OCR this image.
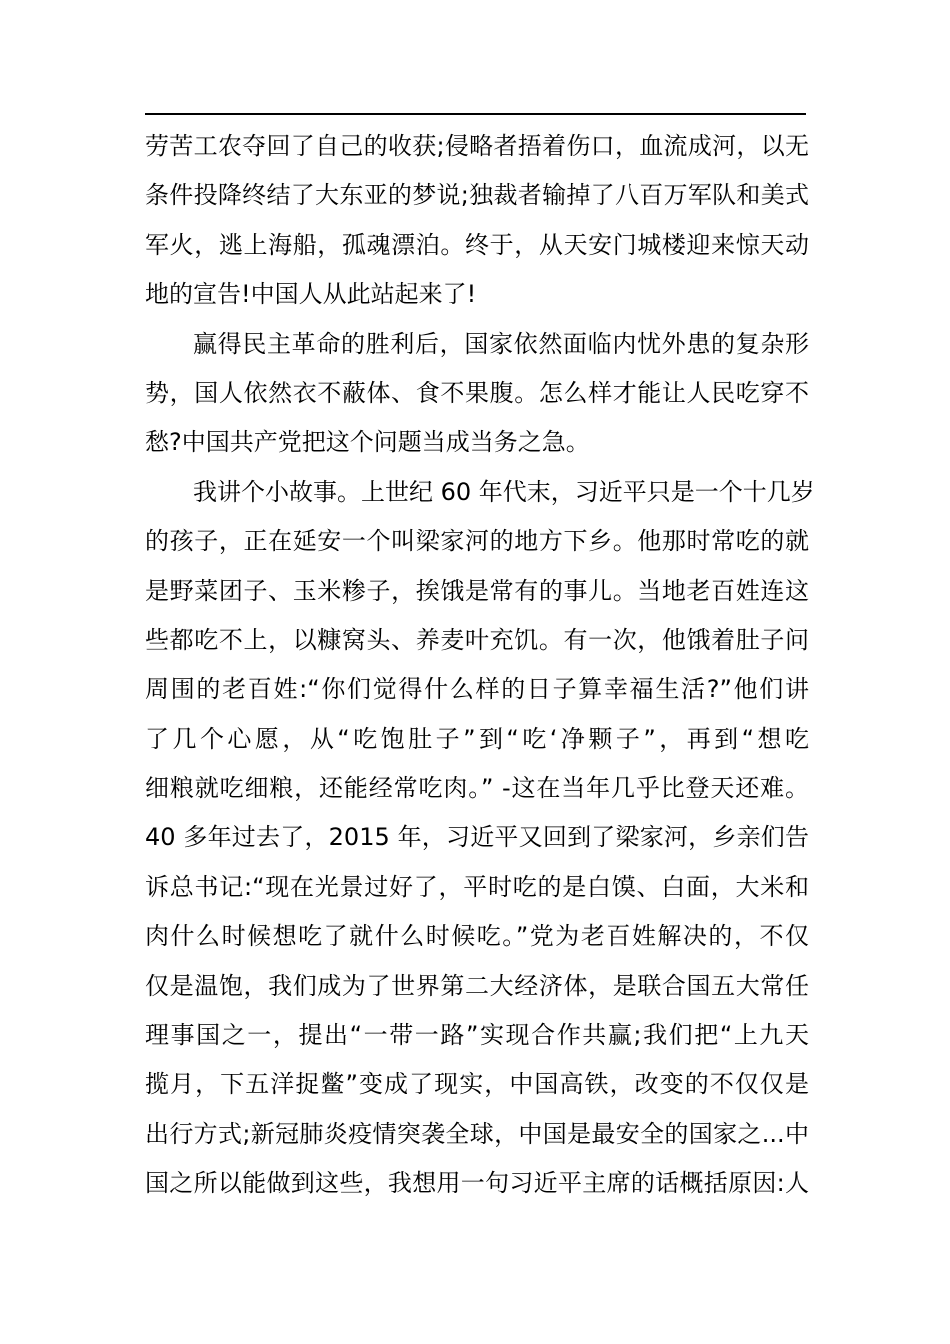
劳苦工农夺回了自己的收获;侵略者捂着伤口，血流成河，以无
条件投降终结了大东亚的梦说;独裁者输掉了八百万军队和美式
军火，逃上海船，孤魂漂泊。终于，从天安门城楼迎来惊天动
地的宣告!中国人从此站起来了!
赢得民主革命的胜利后，国家依然面临内忧外患的复杂形
势，国人依然衣不蔽体、食不果腹。怎么样才能让人民吃穿不
愁?中国共产党把这个问题当成当务之急。
我讲个小故事。上世纪 60 年代末，习近平只是一个十几岁
的孩子，正在延安一个叫梁家河的地方下乡。他那时常吃的就
是野菜团子、玉米糁子，挨饿是常有的事儿。当地老百姓连这
些都吃不上，以糠窝头、养麦叶充饥。有一次，他饿着肚子问
周围的老百姓:“你们觉得什么样的日子算幸福生活?”他们讲
了几个心愿，从“吃饱肚子”到“吃‘净颗子”，再到“想吃
细粮就吃细粮，还能经常吃肉。” -这在当年几乎比登天还难。
40 多年过去了，2015 年，习近平又回到了梁家河，乡亲们告
诉总书记:“现在光景过好了，平时吃的是白馍、白面，大米和
肉什么时候想吃了就什么时候吃。”党为老百姓解决的，不仅
仅是温饱，我们成为了世界第二大经济体，是联合国五大常任
理事国之一，提出“一带一路”实现合作共赢;我们把“上九天
揽月，下五洋捉鳖”变成了现实，中国高铁，改变的不仅仅是
出行方式;新冠肺炎疫情突袭全球，中国是最安全的国家之...中
国之所以能做到这些，我想用一句习近平主席的话概括原因:人
